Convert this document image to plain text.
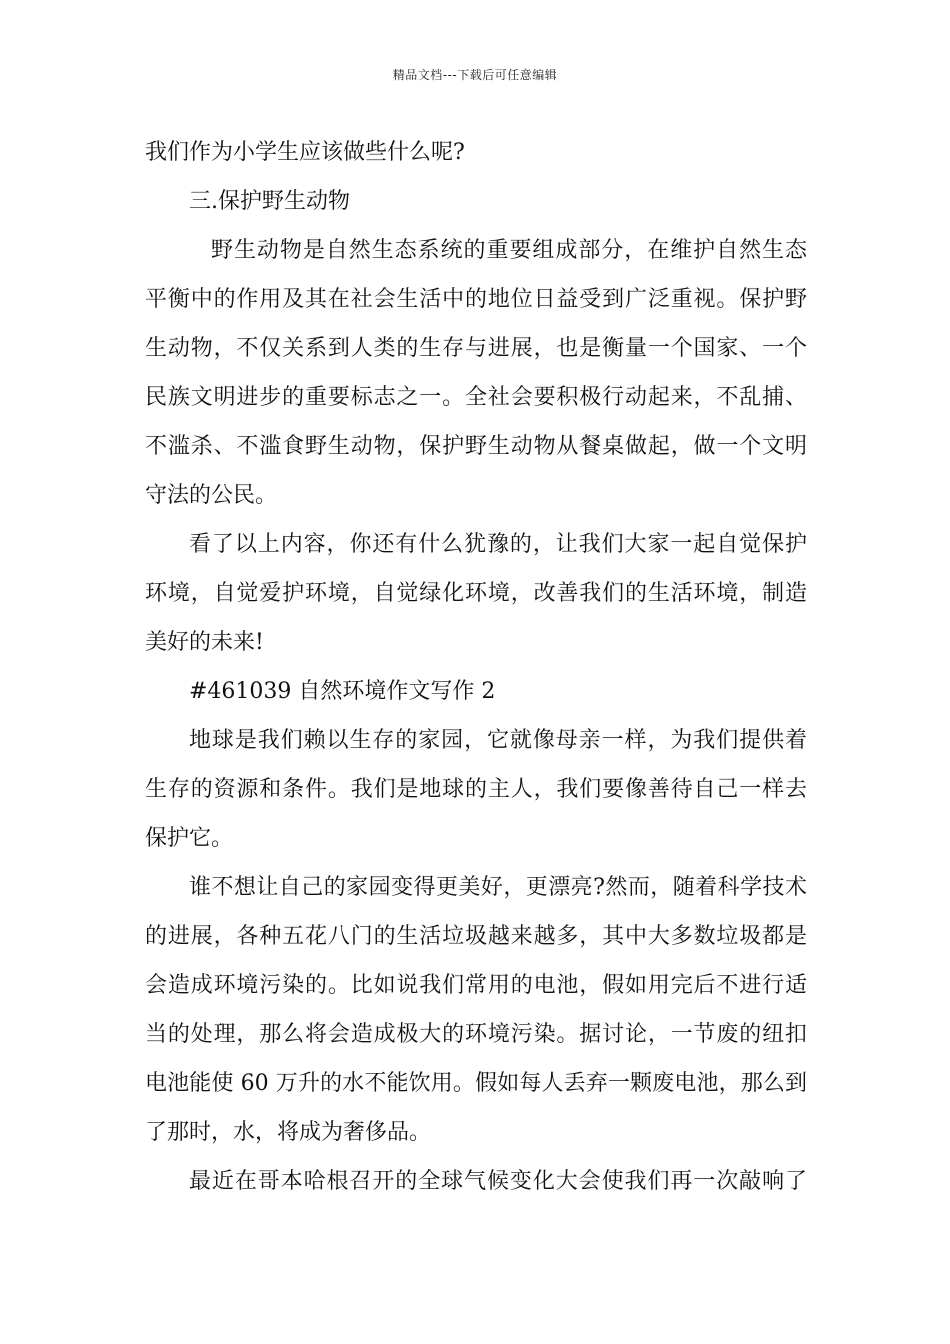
精品文档---下载后可任意编辑
我们作为小学生应该做些什么呢?
三.保护野生动物
野生动物是自然生态系统的重要组成部分，在维护自然生态
平衡中的作用及其在社会生活中的地位日益受到广泛重视。保护野
生动物，不仅关系到人类的生存与进展，也是衡量一个国家、一个
民族文明进步的重要标志之一。全社会要积极行动起来，不乱捕、
不滥杀、不滥食野生动物，保护野生动物从餐桌做起，做一个文明
守法的公民。
看了以上内容，你还有什么犹豫的，让我们大家一起自觉保护
环境，自觉爱护环境，自觉绿化环境，改善我们的生活环境，制造
美好的未来!
#461039 自然环境作文写作 2
地球是我们赖以生存的家园，它就像母亲一样，为我们提供着
生存的资源和条件。我们是地球的主人，我们要像善待自己一样去
保护它。
谁不想让自己的家园变得更美好，更漂亮?然而，随着科学技术
的进展，各种五花八门的生活垃圾越来越多，其中大多数垃圾都是
会造成环境污染的。比如说我们常用的电池，假如用完后不进行适
当的处理，那么将会造成极大的环境污染。据讨论，一节废的纽扣
电池能使 60 万升的水不能饮用。假如每人丢弃一颗废电池，那么到
了那时，水，将成为奢侈品。
最近在哥本哈根召开的全球气候变化大会使我们再一次敲响了
